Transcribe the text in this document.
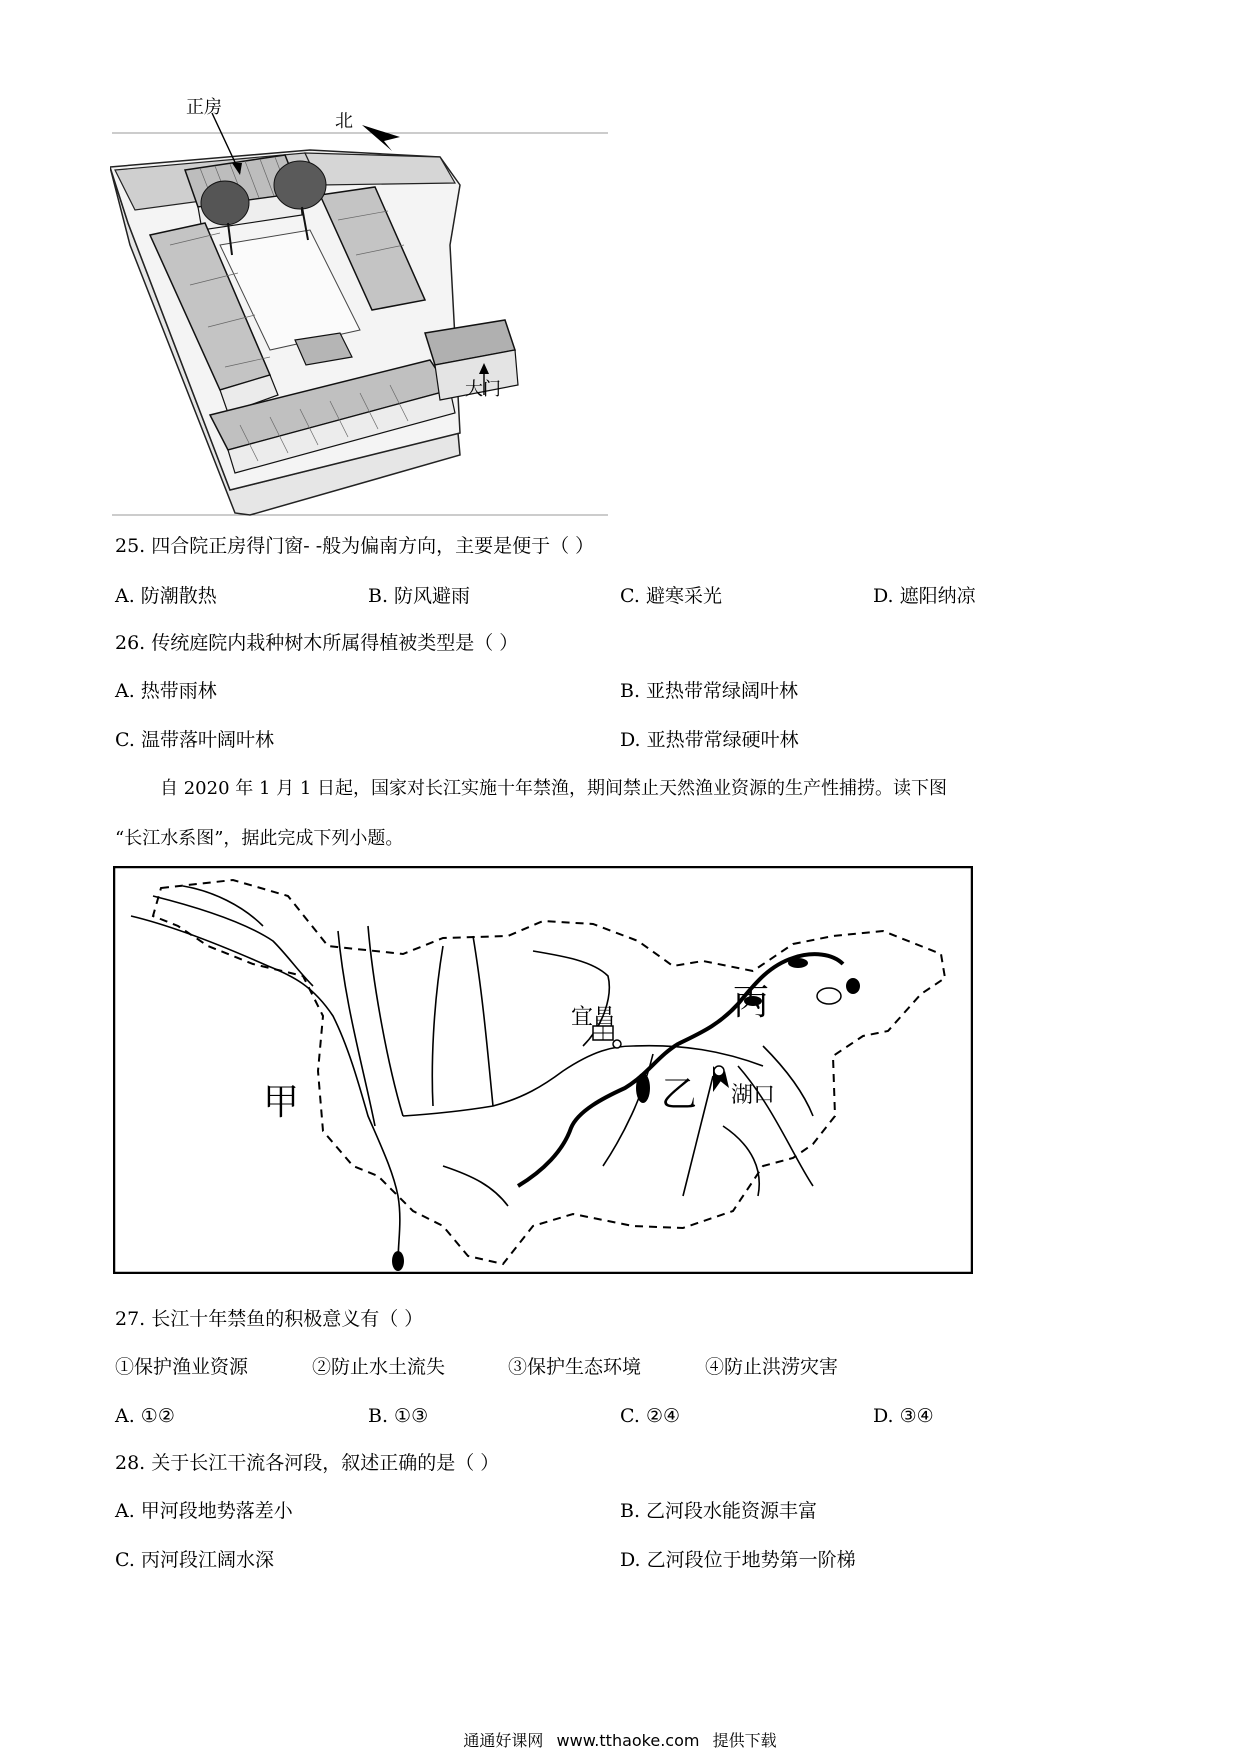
正房
北
大门
25. 四合院正房得门窗- -般为偏南方向，主要是便于（ ）
A. 防潮散热	B. 防风避雨	C. 避寒采光	D. 遮阳纳凉
26. 传统庭院内栽种树木所属得植被类型是（ ）
A. 热带雨林	B. 亚热带常绿阔叶林
C. 温带落叶阔叶林	D. 亚热带常绿硬叶林
自 2020 年 1 月 1 日起，国家对长江实施十年禁渔，期间禁止天然渔业资源的生产性捕捞。读下图
“长江水系图”，据此完成下列小题。
甲	乙
丙
宜昌
湖口
27. 长江十年禁鱼的积极意义有（ ）
①保护渔业资源	②防止水土流失	③保护生态环境	④防止洪涝灾害
A. ①②	B. ①③	C. ②④	D. ③④
28. 关于长江干流各河段，叙述正确的是（ ）
A. 甲河段地势落差小	B. 乙河段水能资源丰富
C. 丙河段江阔水深	D. 乙河段位于地势第一阶梯
通通好课网 www.tthaoke.com 提供下载
